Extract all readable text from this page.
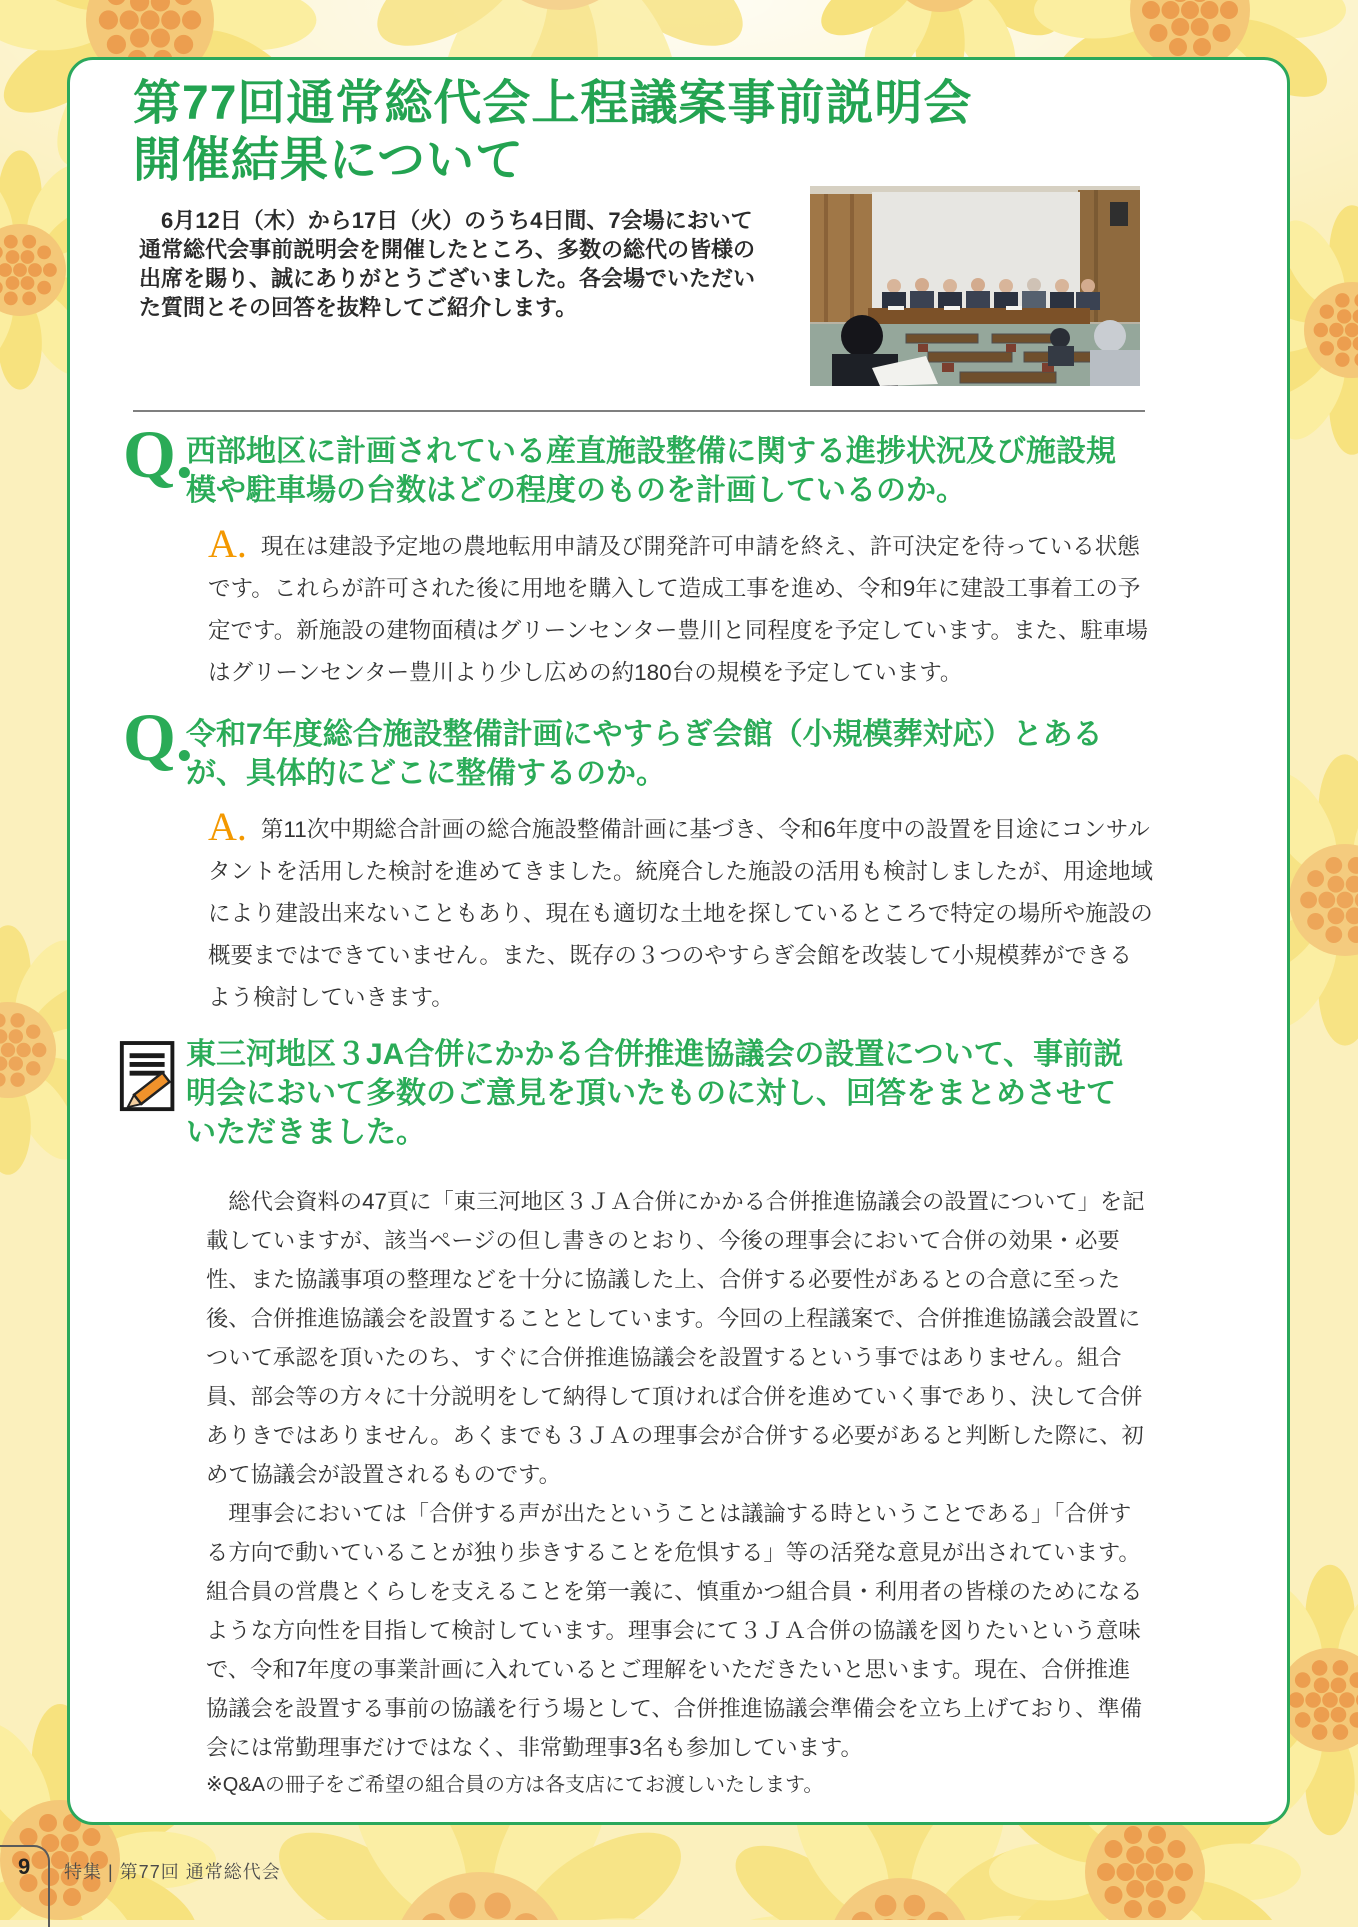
第77回通常総代会上程議案事前説明会
開催結果について

　6月12日（木）から17日（火）のうち4日間、7会場において通常総代会事前説明会を開催したところ、多数の総代の皆様の出席を賜り、誠にありがとうございました。各会場でいただいた質問とその回答を抜粋してご紹介します。

Q.

西部地区に計画されている産直施設整備に関する進捗状況及び施設規模や駐車場の台数はどの程度のものを計画しているのか。

A. 現在は建設予定地の農地転用申請及び開発許可申請を終え、許可決定を待っている状態です。これらが許可された後に用地を購入して造成工事を進め、令和9年に建設工事着工の予定です。新施設の建物面積はグリーンセンター豊川と同程度を予定しています。また、駐車場はグリーンセンター豊川より少し広めの約180台の規模を予定しています。

Q.

令和7年度総合施設整備計画にやすらぎ会館（小規模葬対応）とあるが、具体的にどこに整備するのか。

A. 第11次中期総合計画の総合施設整備計画に基づき、令和6年度中の設置を目途にコンサルタントを活用した検討を進めてきました。統廃合した施設の活用も検討しましたが、用途地域により建設出来ないこともあり、現在も適切な土地を探しているところで特定の場所や施設の概要まではできていません。また、既存の３つのやすらぎ会館を改装して小規模葬ができるよう検討していきます。

東三河地区３JA合併にかかる合併推進協議会の設置について、事前説明会において多数のご意見を頂いたものに対し、回答をまとめさせていただきました。

　総代会資料の47頁に「東三河地区３ＪＡ合併にかかる合併推進協議会の設置について」を記載していますが、該当ページの但し書きのとおり、今後の理事会において合併の効果・必要性、また協議事項の整理などを十分に協議した上、合併する必要性があるとの合意に至った後、合併推進協議会を設置することとしています。今回の上程議案で、合併推進協議会設置について承認を頂いたのち、すぐに合併推進協議会を設置するという事ではありません。組合員、部会等の方々に十分説明をして納得して頂ければ合併を進めていく事であり、決して合併ありきではありません。あくまでも３ＪＡの理事会が合併する必要があると判断した際に、初めて協議会が設置されるものです。

　理事会においては「合併する声が出たということは議論する時ということである」「合併する方向で動いていることが独り歩きすることを危惧する」等の活発な意見が出されています。組合員の営農とくらしを支えることを第一義に、慎重かつ組合員・利用者の皆様のためになるような方向性を目指して検討しています。理事会にて３ＪＡ合併の協議を図りたいという意味で、令和7年度の事業計画に入れているとご理解をいただきたいと思います。現在、合併推進協議会を設置する事前の協議を行う場として、合併推進協議会準備会を立ち上げており、準備会には常勤理事だけではなく、非常勤理事3名も参加しています。

※Q&Aの冊子をご希望の組合員の方は各支店にてお渡しいたします。

9 特集 | 第77回 通常総代会
